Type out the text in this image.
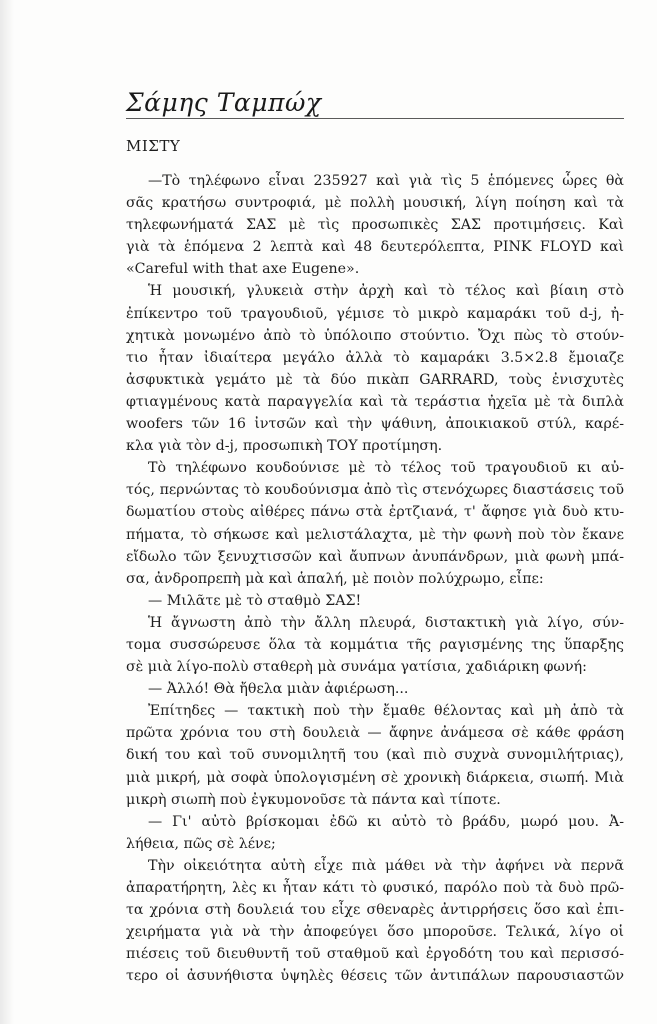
Σάμης Ταμπώχ
ΜΙΣΤΥ
—Τὸ τηλέφωνο εἶναι 235927 καὶ γιὰ τὶς 5 ἑπόμενες ὧρες θὰ
σᾶς κρατήσω συντροφιά, μὲ πολλὴ μουσική, λίγη ποίηση καὶ τὰ
τηλεφωνήματά ΣΑΣ μὲ τὶς προσωπικὲς ΣΑΣ προτιμήσεις. Καὶ
γιὰ τὰ ἑπόμενα 2 λεπτὰ καὶ 48 δευτερόλεπτα, PINK FLOYD καὶ
«Careful with that axe Eugene».
Ἡ μουσική, γλυκειὰ στὴν ἀρχὴ καὶ τὸ τέλος καὶ βίαιη στὸ
ἐπίκεντρο τοῦ τραγουδιοῦ, γέμισε τὸ μικρὸ καμαράκι τοῦ d-j, ἠ-
χητικὰ μονωμένο ἀπὸ τὸ ὑπόλοιπο στούντιο. Ὄχι πὼς τὸ στούν-
τιο ἦταν ἰδιαίτερα μεγάλο ἀλλὰ τὸ καμαράκι 3.5×2.8 ἔμοιαζε
ἀσφυκτικὰ γεμάτο μὲ τὰ δύο πικὰπ GARRARD, τοὺς ἐνισχυτὲς
φτιαγμένους κατὰ παραγγελία καὶ τὰ τεράστια ἠχεῖα μὲ τὰ διπλὰ
woofers τῶν 16 ἰντσῶν καὶ τὴν ψάθινη, ἀποικιακοῦ στύλ, καρέ-
κλα γιὰ τὸν d-j, προσωπικὴ ΤΟΥ προτίμηση.
Τὸ τηλέφωνο κουδούνισε μὲ τὸ τέλος τοῦ τραγουδιοῦ κι αὐ-
τός, περνώντας τὸ κουδούνισμα ἀπὸ τὶς στενόχωρες διαστάσεις τοῦ
δωματίου στοὺς αἰθέρες πάνω στὰ ἐρτζιανά, τ' ἄφησε γιὰ δυὸ κτυ-
πήματα, τὸ σήκωσε καὶ μελιστάλαχτα, μὲ τὴν φωνὴ ποὺ τὸν ἔκανε
εἴδωλο τῶν ξενυχτισσῶν καὶ ἄυπνων ἀνυπάνδρων, μιὰ φωνὴ μπά-
σα, ἀνδροπρεπὴ μὰ καὶ ἁπαλή, μὲ ποιὸν πολύχρωμο, εἶπε:
— Μιλᾶτε μὲ τὸ σταθμὸ ΣΑΣ!
Ἡ ἄγνωστη ἀπὸ τὴν ἄλλη πλευρά, διστακτικὴ γιὰ λίγο, σύν-
τομα συσσώρευσε ὅλα τὰ κομμάτια τῆς ραγισμένης της ὕπαρξης
σὲ μιὰ λίγο-πολὺ σταθερὴ μὰ συνάμα γατίσια, χαδιάρικη φωνή:
— Ἀλλό! Θὰ ἤθελα μιὰν ἀφιέρωση...
Ἐπίτηδες — τακτικὴ ποὺ τὴν ἔμαθε θέλοντας καὶ μὴ ἀπὸ τὰ
πρῶτα χρόνια του στὴ δουλειὰ — ἄφηνε ἀνάμεσα σὲ κάθε φράση
δική του καὶ τοῦ συνομιλητῆ του (καὶ πιὸ συχνὰ συνομιλήτριας),
μιὰ μικρή, μὰ σοφὰ ὑπολογισμένη σὲ χρονικὴ διάρκεια, σιωπή. Μιὰ
μικρὴ σιωπὴ ποὺ ἐγκυμονοῦσε τὰ πάντα καὶ τίποτε.
— Γι' αὐτὸ βρίσκομαι ἐδῶ κι αὐτὸ τὸ βράδυ, μωρό μου. Ἀ-
λήθεια, πῶς σὲ λένε;
Τὴν οἰκειότητα αὐτὴ εἶχε πιὰ μάθει νὰ τὴν ἀφήνει νὰ περνᾶ
ἀπαρατήρητη, λὲς κι ἦταν κάτι τὸ φυσικό, παρόλο ποὺ τὰ δυὸ πρῶ-
τα χρόνια στὴ δουλειά του εἶχε σθεναρὲς ἀντιρρήσεις ὅσο καὶ ἐπι-
χειρήματα γιὰ νὰ τὴν ἀποφεύγει ὅσο μποροῦσε. Τελικά, λίγο οἱ
πιέσεις τοῦ διευθυντῆ τοῦ σταθμοῦ καὶ ἐργοδότη του καὶ περισσό-
τερο οἱ ἀσυνήθιστα ὑψηλὲς θέσεις τῶν ἀντιπάλων παρουσιαστῶν
